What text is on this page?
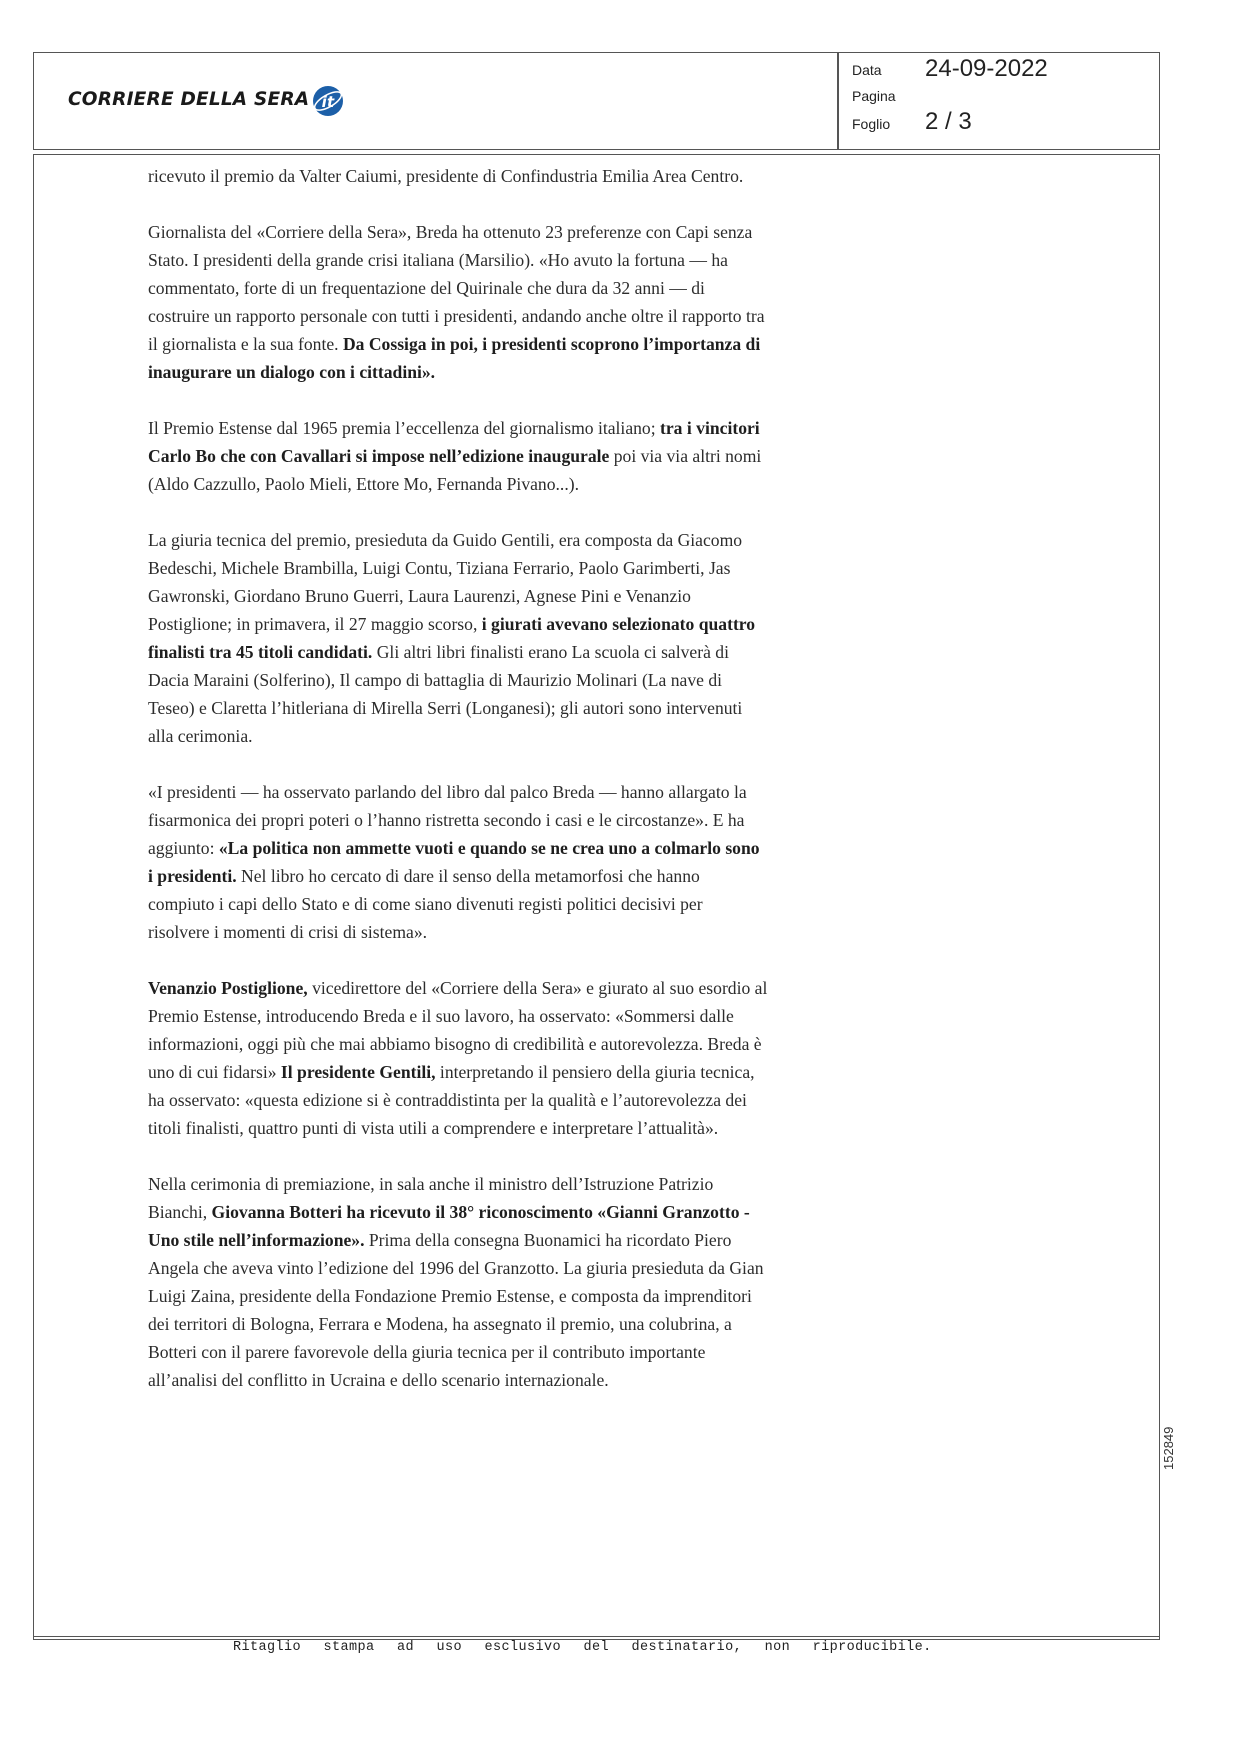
CORRIERE DELLA SERA it
Data 24-09-2022
Pagina
Foglio 2 / 3

ricevuto il premio da Valter Caiumi, presidente di Confindustria Emilia Area Centro.

Giornalista del «Corriere della Sera», Breda ha ottenuto 23 preferenze con Capi senza Stato. I presidenti della grande crisi italiana (Marsilio). «Ho avuto la fortuna — ha commentato, forte di un frequentazione del Quirinale che dura da 32 anni — di costruire un rapporto personale con tutti i presidenti, andando anche oltre il rapporto tra il giornalista e la sua fonte. Da Cossiga in poi, i presidenti scoprono l’importanza di inaugurare un dialogo con i cittadini».

Il Premio Estense dal 1965 premia l’eccellenza del giornalismo italiano; tra i vincitori Carlo Bo che con Cavallari si impose nell’edizione inaugurale poi via via altri nomi (Aldo Cazzullo, Paolo Mieli, Ettore Mo, Fernanda Pivano...).

La giuria tecnica del premio, presieduta da Guido Gentili, era composta da Giacomo Bedeschi, Michele Brambilla, Luigi Contu, Tiziana Ferrario, Paolo Garimberti, Jas Gawronski, Giordano Bruno Guerri, Laura Laurenzi, Agnese Pini e Venanzio Postiglione; in primavera, il 27 maggio scorso, i giurati avevano selezionato quattro finalisti tra 45 titoli candidati. Gli altri libri finalisti erano La scuola ci salverà di Dacia Maraini (Solferino), Il campo di battaglia di Maurizio Molinari (La nave di Teseo) e Claretta l’hitleriana di Mirella Serri (Longanesi); gli autori sono intervenuti alla cerimonia.

«I presidenti — ha osservato parlando del libro dal palco Breda — hanno allargato la fisarmonica dei propri poteri o l’hanno ristretta secondo i casi e le circostanze». E ha aggiunto: «La politica non ammette vuoti e quando se ne crea uno a colmarlo sono i presidenti. Nel libro ho cercato di dare il senso della metamorfosi che hanno compiuto i capi dello Stato e di come siano divenuti registi politici decisivi per risolvere i momenti di crisi di sistema».

Venanzio Postiglione, vicedirettore del «Corriere della Sera» e giurato al suo esordio al Premio Estense, introducendo Breda e il suo lavoro, ha osservato: «Sommersi dalle informazioni, oggi più che mai abbiamo bisogno di credibilità e autorevolezza. Breda è uno di cui fidarsi» Il presidente Gentili, interpretando il pensiero della giuria tecnica, ha osservato: «questa edizione si è contraddistinta per la qualità e l’autorevolezza dei titoli finalisti, quattro punti di vista utili a comprendere e interpretare l’attualità».

Nella cerimonia di premiazione, in sala anche il ministro dell’Istruzione Patrizio Bianchi, Giovanna Botteri ha ricevuto il 38° riconoscimento «Gianni Granzotto - Uno stile nell’informazione». Prima della consegna Buonamici ha ricordato Piero Angela che aveva vinto l’edizione del 1996 del Granzotto. La giuria presieduta da Gian Luigi Zaina, presidente della Fondazione Premio Estense, e composta da imprenditori dei territori di Bologna, Ferrara e Modena, ha assegnato il premio, una colubrina, a Botteri con il parere favorevole della giuria tecnica per il contributo importante all’analisi del conflitto in Ucraina e dello scenario internazionale.

152849
Ritaglio stampa ad uso esclusivo del destinatario, non riproducibile.
